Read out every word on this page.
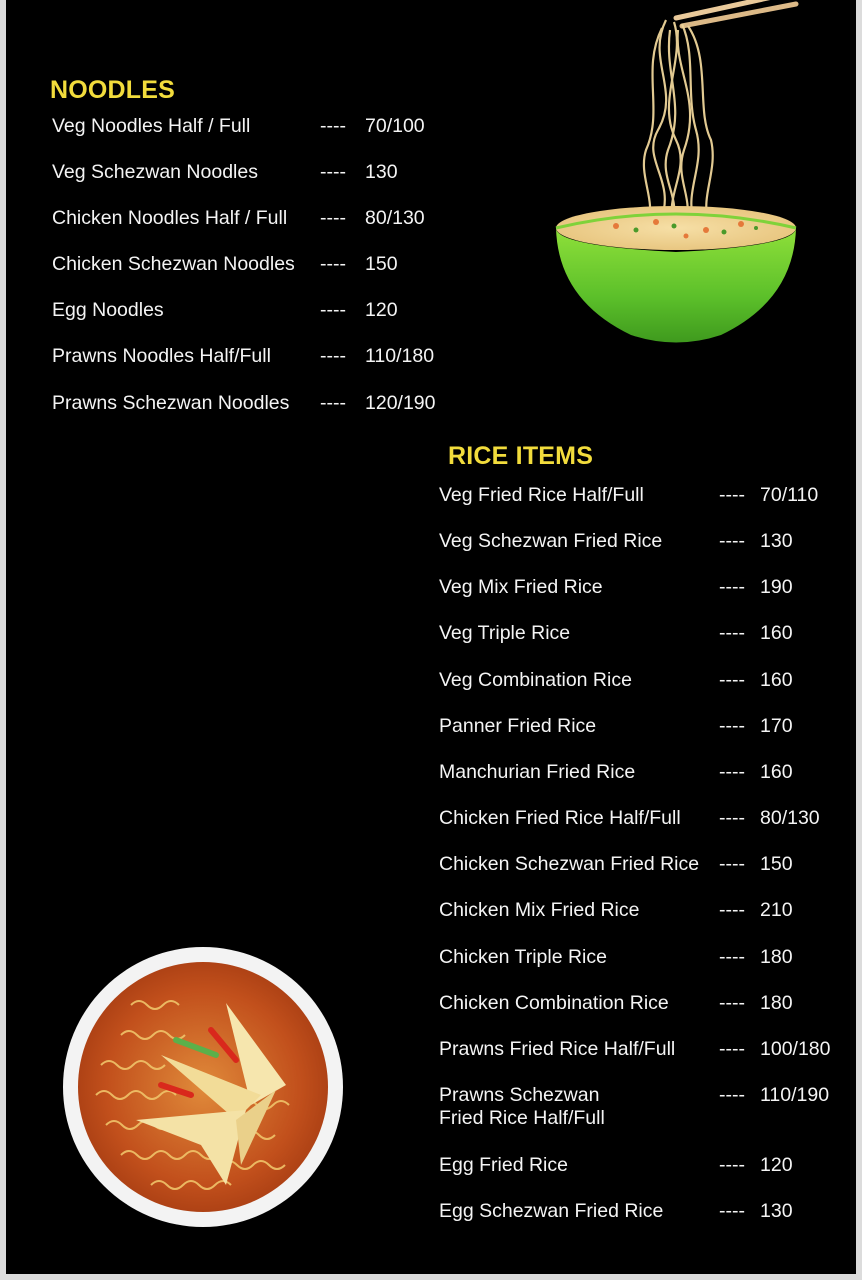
NOODLES
Veg Noodles Half / Full	---- 70/100
Veg Schezwan Noodles	---- 130
Chicken Noodles Half / Full ---- 80/130
Chicken Schezwan Noodles ---- 150
Egg Noodles	---- 120
Prawns Noodles Half/Full	---- 110/180
Prawns Schezwan Noodles ---- 120/190
RICE ITEMS
Veg Fried Rice Half/Full	---- 70/110
Veg Schezwan Fried Rice	---- 130
Veg Mix Fried Rice	---- 190
Veg Triple Rice	---- 160
Veg Combination Rice	---- 160
Panner Fried Rice	---- 170
Manchurian Fried Rice	---- 160
Chicken Fried Rice Half/Full ---- 80/130
Chicken Schezwan Fried Rice ---- 150
Chicken Mix Fried Rice	---- 210
Chicken Triple Rice	---- 180
Chicken Combination Rice	---- 180
Prawns Fried Rice Half/Full ---- 100/180
Prawns Schezwan
Fried Rice Half/Full
---- 110/190
Egg Fried Rice	---- 120
Egg Schezwan Fried Rice	---- 130
